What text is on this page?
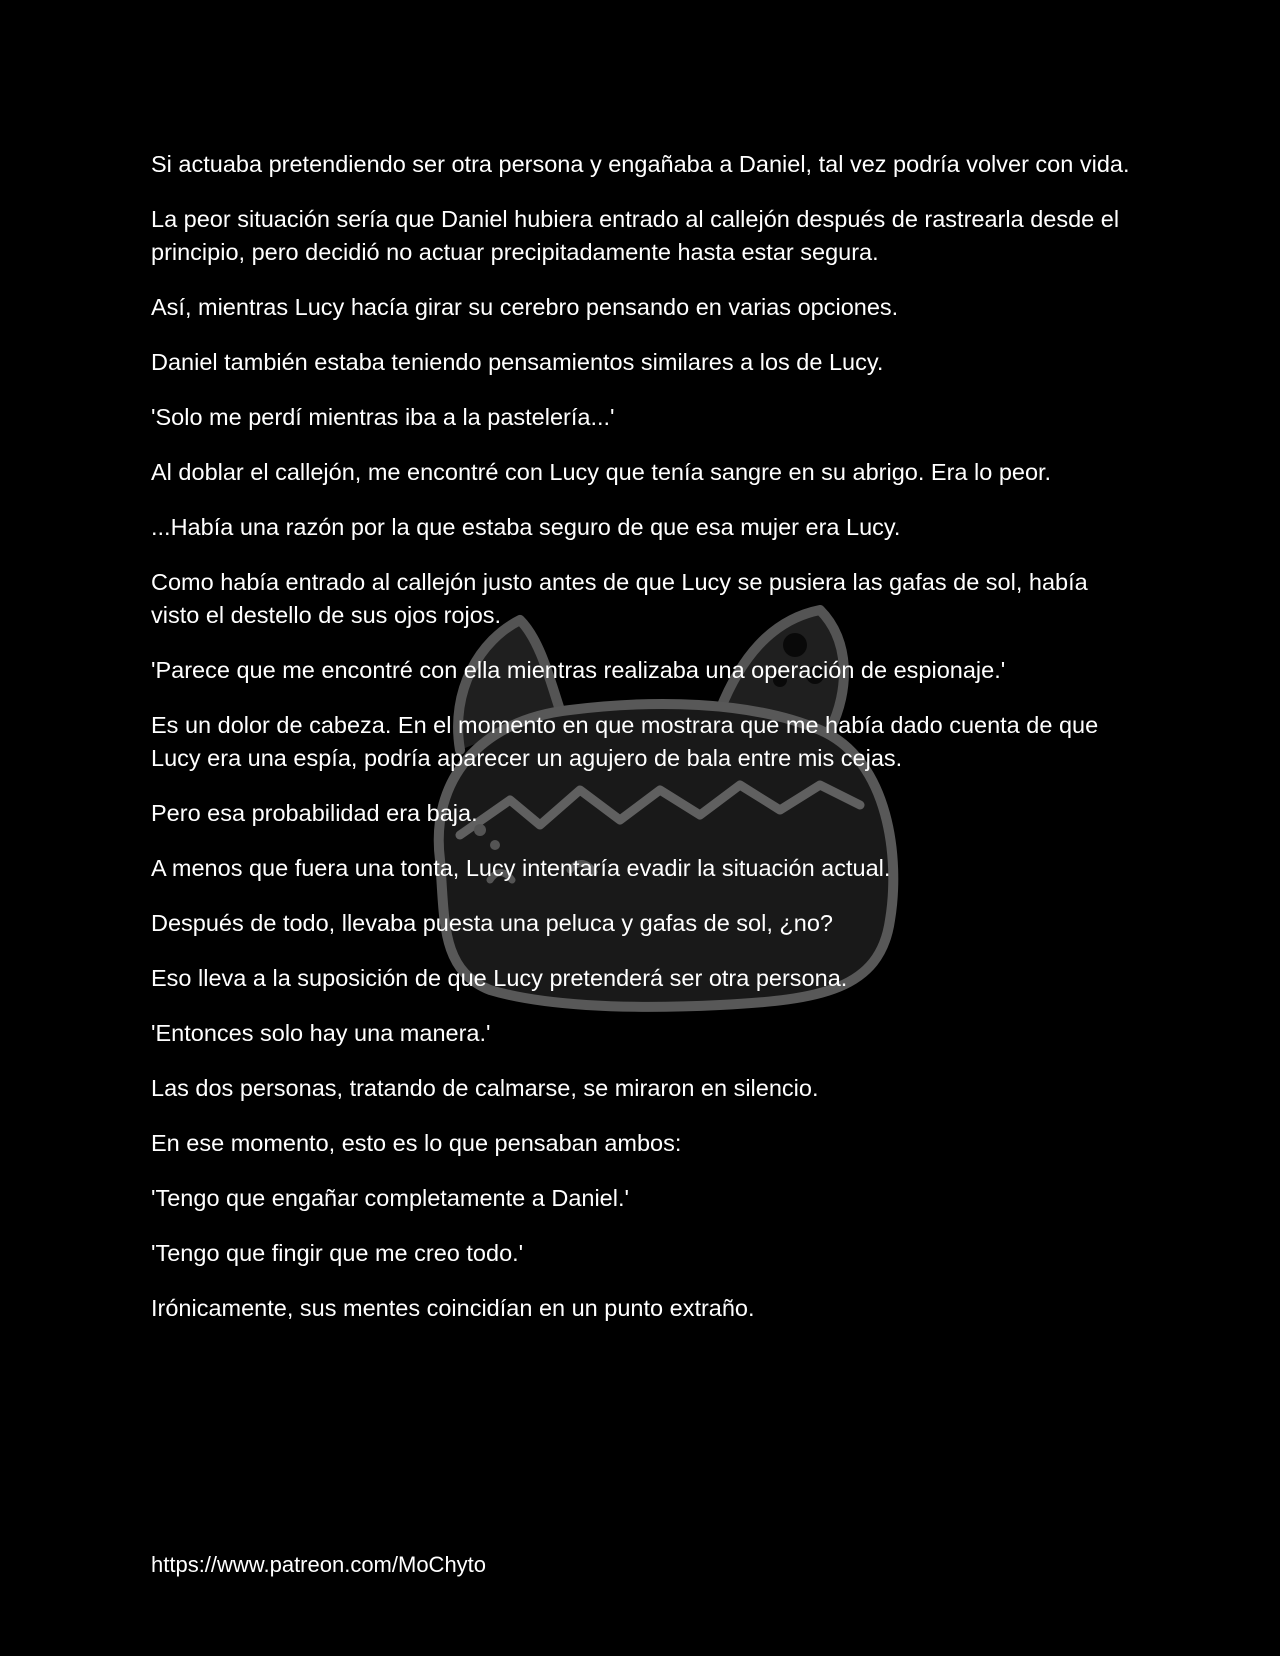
Si actuaba pretendiendo ser otra persona y engañaba a Daniel, tal vez podría volver con vida.

La peor situación sería que Daniel hubiera entrado al callejón después de rastrearla desde el principio, pero decidió no actuar precipitadamente hasta estar segura.

Así, mientras Lucy hacía girar su cerebro pensando en varias opciones.

Daniel también estaba teniendo pensamientos similares a los de Lucy.

'Solo me perdí mientras iba a la pastelería...'

Al doblar el callejón, me encontré con Lucy que tenía sangre en su abrigo. Era lo peor.

...Había una razón por la que estaba seguro de que esa mujer era Lucy.

Como había entrado al callejón justo antes de que Lucy se pusiera las gafas de sol, había visto el destello de sus ojos rojos.

'Parece que me encontré con ella mientras realizaba una operación de espionaje.'

Es un dolor de cabeza. En el momento en que mostrara que me había dado cuenta de que Lucy era una espía, podría aparecer un agujero de bala entre mis cejas.

Pero esa probabilidad era baja.

A menos que fuera una tonta, Lucy intentaría evadir la situación actual.

Después de todo, llevaba puesta una peluca y gafas de sol, ¿no?

Eso lleva a la suposición de que Lucy pretenderá ser otra persona.

'Entonces solo hay una manera.'

Las dos personas, tratando de calmarse, se miraron en silencio.

En ese momento, esto es lo que pensaban ambos:

'Tengo que engañar completamente a Daniel.'

'Tengo que fingir que me creo todo.'

Irónicamente, sus mentes coincidían en un punto extraño.

https://www.patreon.com/MoChyto
